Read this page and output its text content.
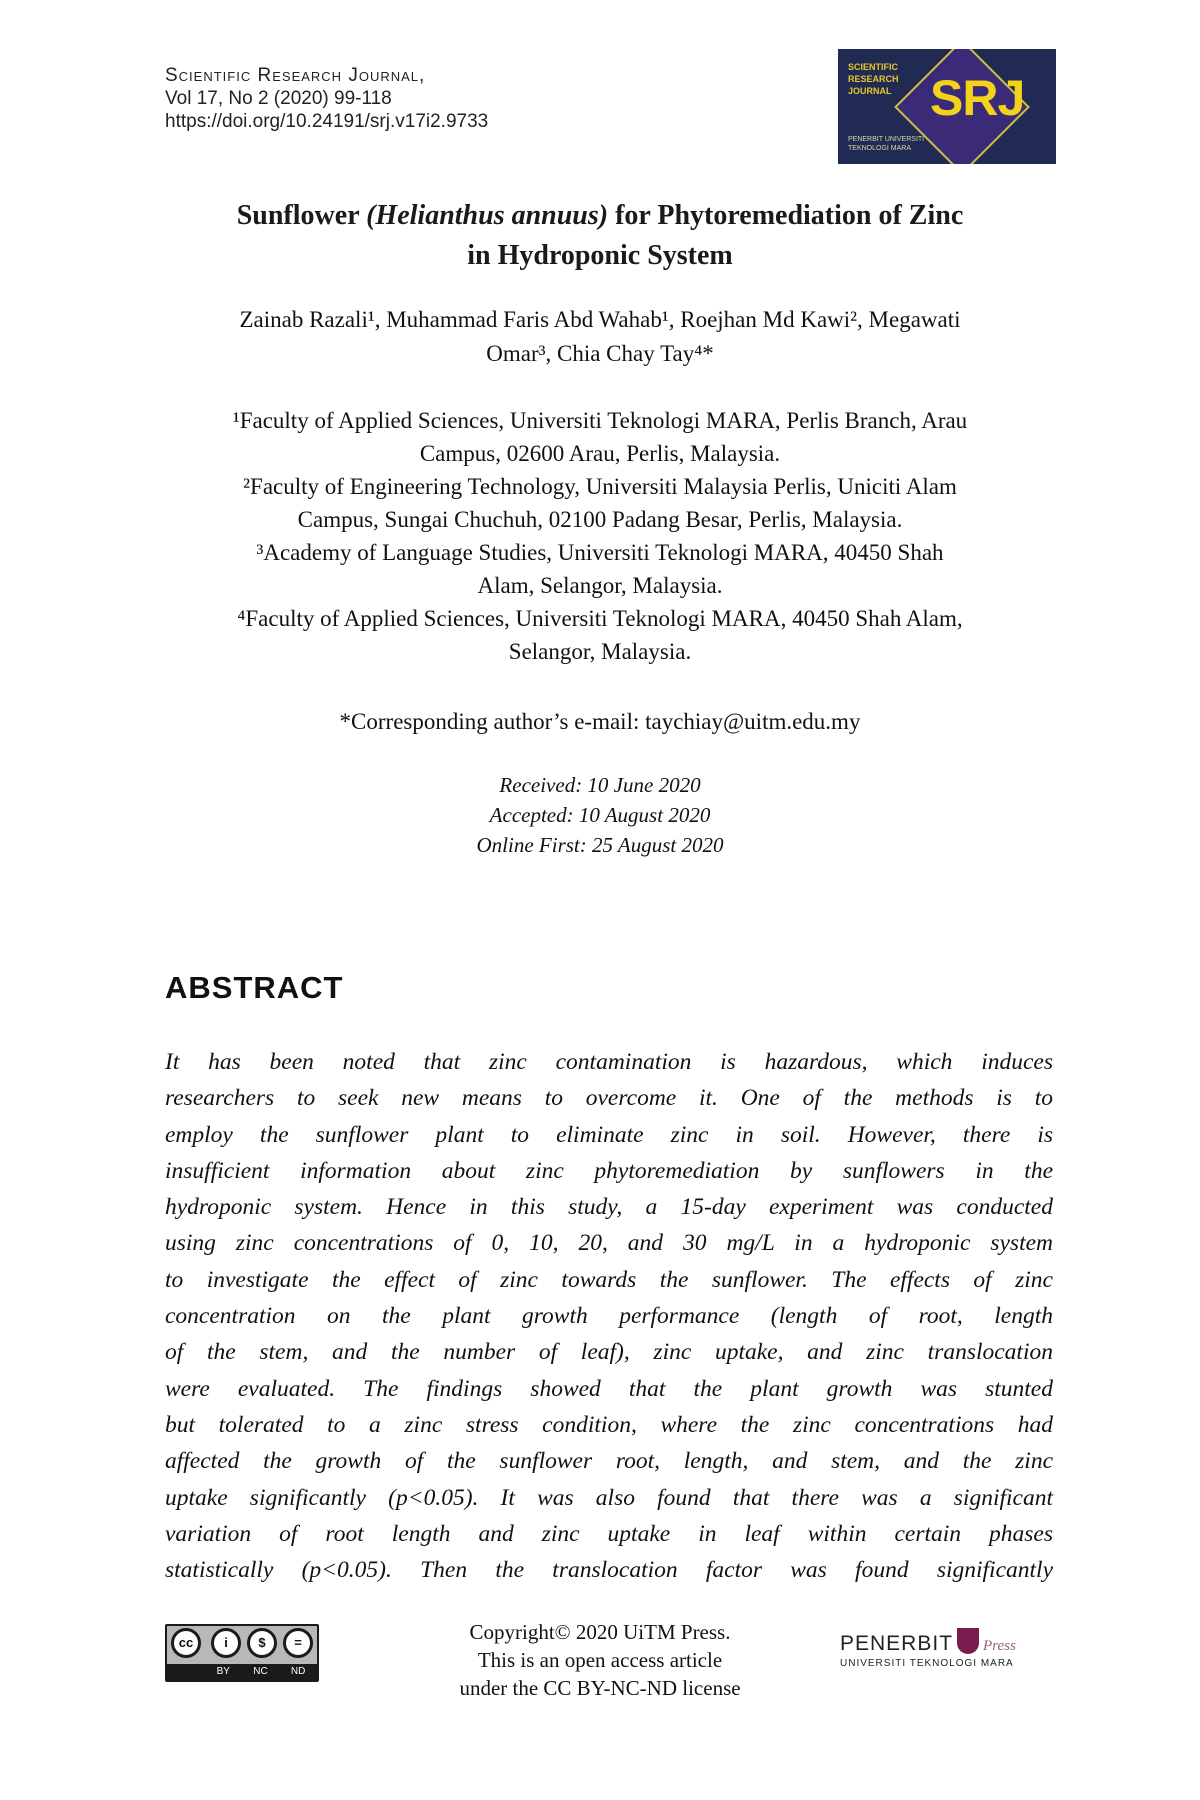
Scientific Research Journal,
Vol 17, No 2 (2020) 99-118
https://doi.org/10.24191/srj.v17i2.9733
SCIENTIFIC RESEARCH JOURNAL SRJ
PENERBIT UNIVERSITI TEKNOLOGI MARA
Sunflower (Helianthus annuus) for Phytoremediation of Zinc
in Hydroponic System
Zainab Razali¹, Muhammad Faris Abd Wahab¹, Roejhan Md Kawi², Megawati
Omar³, Chia Chay Tay⁴*
¹Faculty of Applied Sciences, Universiti Teknologi MARA, Perlis Branch, Arau
Campus, 02600 Arau, Perlis, Malaysia.
²Faculty of Engineering Technology, Universiti Malaysia Perlis, Uniciti Alam
Campus, Sungai Chuchuh, 02100 Padang Besar, Perlis, Malaysia.
³Academy of Language Studies, Universiti Teknologi MARA, 40450 Shah
Alam, Selangor, Malaysia.
⁴Faculty of Applied Sciences, Universiti Teknologi MARA, 40450 Shah Alam,
Selangor, Malaysia.
*Corresponding author’s e-mail: taychiay@uitm.edu.my
Received: 10 June 2020
Accepted: 10 August 2020
Online First: 25 August 2020
ABSTRACT
It has been noted that zinc contamination is hazardous, which induces
researchers to seek new means to overcome it. One of the methods is to
employ the sunflower plant to eliminate zinc in soil. However, there is
insufficient information about zinc phytoremediation by sunflowers in the
hydroponic system. Hence in this study, a 15-day experiment was conducted
using zinc concentrations of 0, 10, 20, and 30 mg/L in a hydroponic system
to investigate the effect of zinc towards the sunflower. The effects of zinc
concentration on the plant growth performance (length of root, length
of the stem, and the number of leaf), zinc uptake, and zinc translocation
were evaluated. The findings showed that the plant growth was stunted
but tolerated to a zinc stress condition, where the zinc concentrations had
affected the growth of the sunflower root, length, and stem, and the zinc
uptake significantly (p<0.05). It was also found that there was a significant
variation of root length and zinc uptake in leaf within certain phases
statistically (p<0.05). Then the translocation factor was found significantly
cc	i	$	=
BY NC ND
Copyright© 2020 UiTM Press.
This is an open access article
under the CC BY-NC-ND license
PENERBIT Press
UNIVERSITI TEKNOLOGI MARA
